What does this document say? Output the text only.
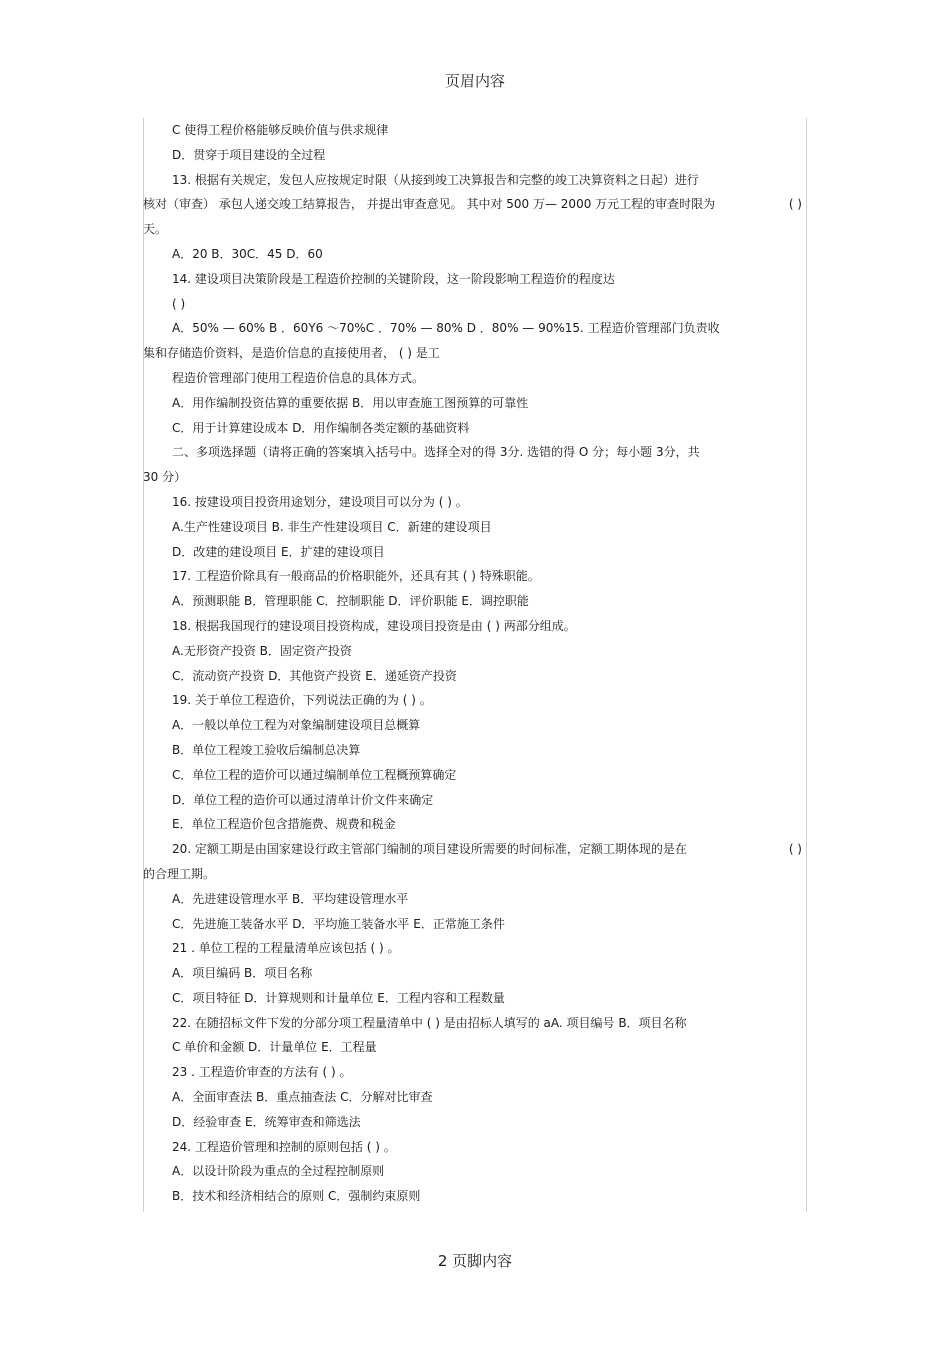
页眉内容
C 使得工程价格能够反映价值与供求规律
D．贯穿于项目建设的全过程
13. 根据有关规定，发包人应按规定时限（从接到竣工决算报告和完整的竣工决算资料之日起）进行
核对（审查） 承包人递交竣工结算报告， 并提出审查意见。 其中对 500 万— 2000 万元工程的审查时限为	( )
天。
A．20 B．30C．45 D．60
14. 建设项目决策阶段是工程造价控制的关键阶段，这一阶段影响工程造价的程度达
( )
A．50% — 60% B ．60Y6 ～70%C ．70% — 80% D ．80% — 90%15. 工程造价管理部门负责收
集和存储造价资料，是造价信息的直接使用者， ( ) 是工
程造价管理部门使用工程造价信息的具体方式。
A．用作编制投资估算的重要依据 B．用以审查施工图预算的可靠性
C．用于计算建设成本 D．用作编制各类定额的基础资料
二、多项选择题（请将正确的答案填入括号中。选择全对的得 3分. 选错的得 O 分；每小题 3分，共
30 分）
16. 按建设项目投资用途划分，建设项目可以分为 ( ) 。
A.生产性建设项目 B. 非生产性建设项目 C．新建的建设项目
D．改建的建设项目 E．扩建的建设项目
17. 工程造价除具有一般商品的价格职能外，还具有其 ( ) 特殊职能。
A．预测职能 B．管理职能 C．控制职能 D．评价职能 E．调控职能
18. 根据我国现行的建设项目投资构成，建设项目投资是由 ( ) 两部分组成。
A.无形资产投资 B．固定资产投资
C．流动资产投资 D．其他资产投资 E．递延资产投资
19. 关于单位工程造价，下列说法正确的为 ( ) 。
A．一般以单位工程为对象编制建设项目总概算
B．单位工程竣工验收后编制总决算
C．单位工程的造价可以通过编制单位工程概预算确定
D．单位工程的造价可以通过清单计价文件来确定
E．单位工程造价包含措施费、规费和税金
20. 定额工期是由国家建设行政主管部门编制的项目建设所需要的时间标准，定额工期体现的是在	( )
的合理工期。
A．先进建设管理水平 B．平均建设管理水平
C．先进施工装备水平 D．平均施工装备水平 E．正常施工条件
21 . 单位工程的工程量清单应该包括 ( ) 。
A．项目编码 B．项目名称
C．项目特征 D．计算规则和计量单位 E．工程内容和工程数量
22. 在随招标文件下发的分部分项工程量清单中 ( ) 是由招标人填写的 aA. 项目编号 B．项目名称
C 单价和金额 D．计量单位 E．工程量
23 . 工程造价审查的方法有 ( ) 。
A．全面审查法 B．重点抽查法 C．分解对比审查
D．经验审查 E．统筹审查和筛选法
24. 工程造价管理和控制的原则包括 ( ) 。
A．以设计阶段为重点的全过程控制原则
B．技术和经济相结合的原则 C．强制约束原则
2 页脚内容
